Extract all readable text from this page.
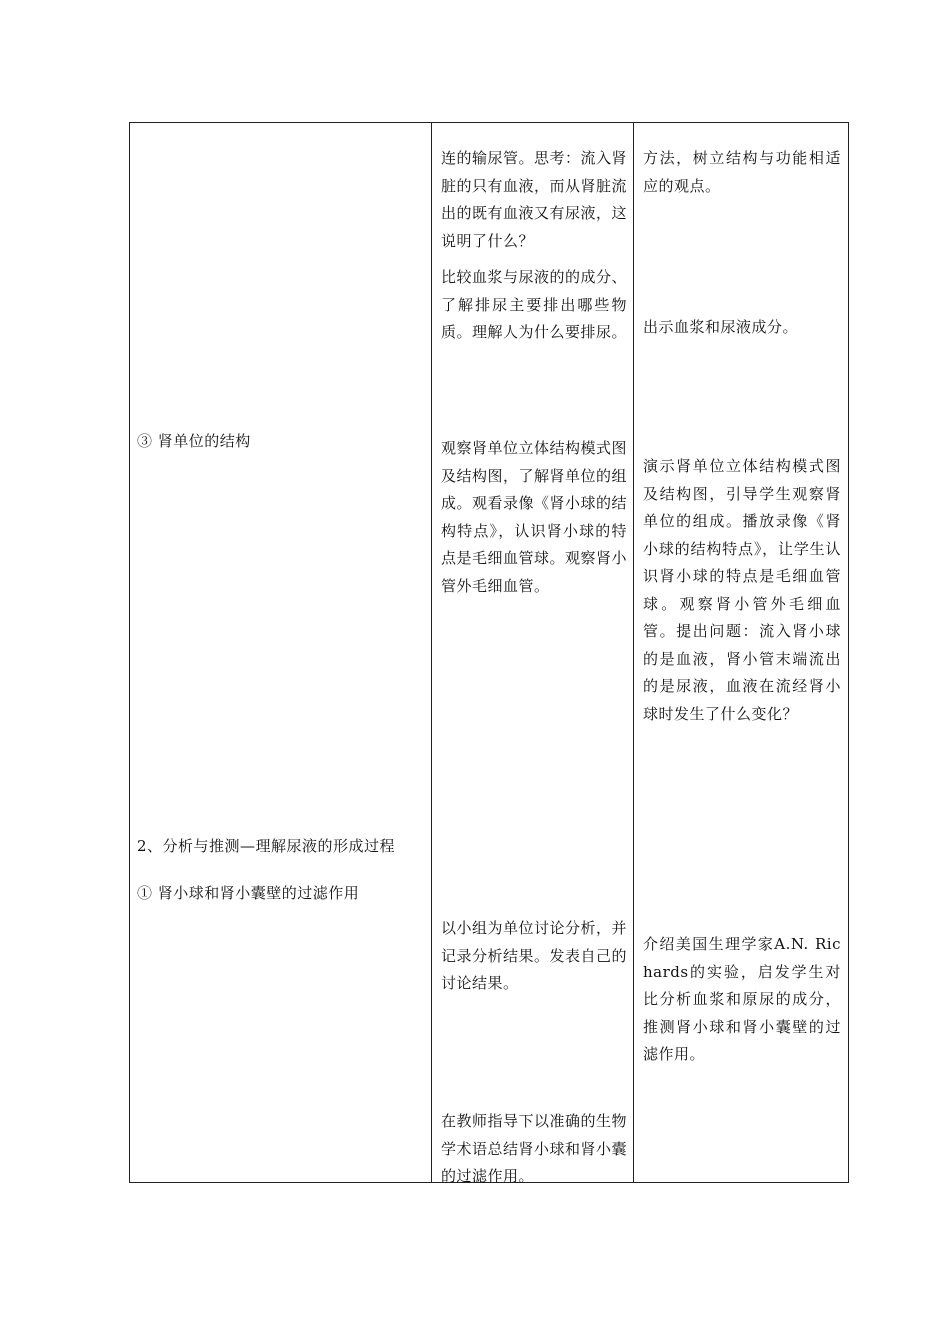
③ 肾单位的结构
2、分析与推测—理解尿液的形成过程
① 肾小球和肾小囊壁的过滤作用
连的输尿管。思考：流入肾脏的只有血液，而从肾脏流出的既有血液又有尿液，这说明了什么？
比较血浆与尿液的的成分、了解排尿主要排出哪些物质。理解人为什么要排尿。
观察肾单位立体结构模式图及结构图，了解肾单位的组成。观看录像《肾小球的结构特点》，认识肾小球的特点是毛细血管球。观察肾小管外毛细血管。
以小组为单位讨论分析，并记录分析结果。发表自己的讨论结果。
在教师指导下以准确的生物学术语总结肾小球和肾小囊的过滤作用。
方法，树立结构与功能相适应的观点。
出示血浆和尿液成分。
演示肾单位立体结构模式图及结构图，引导学生观察肾单位的组成。播放录像《肾小球的结构特点》，让学生认识肾小球的特点是毛细血管球。观察肾小管外毛细血管。提出问题：流入肾小球的是血液，肾小管末端流出的是尿液，血液在流经肾小球时发生了什么变化？
介绍美国生理学家A.N. Richards的实验，启发学生对比分析血浆和原尿的成分，推测肾小球和肾小囊壁的过滤作用。
